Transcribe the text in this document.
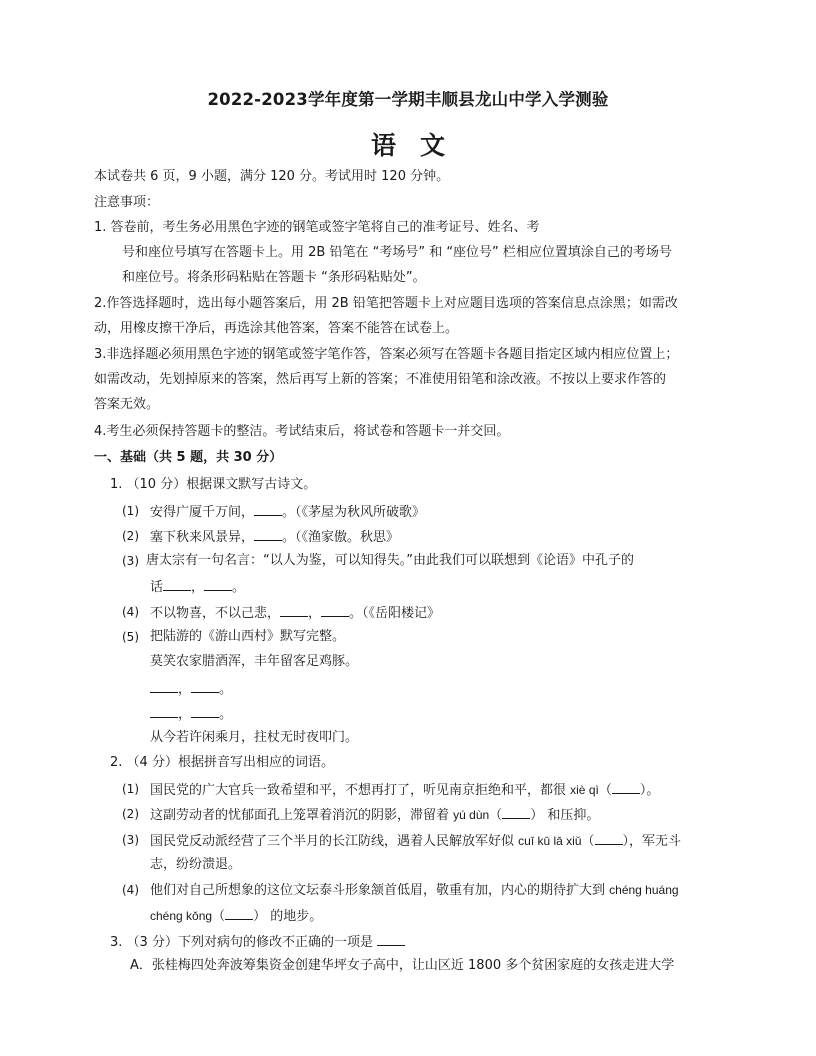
2022-2023学年度第一学期丰顺县龙山中学入学测验
语文
本试卷共 6 页，9 小题，满分 120 分。考试用时 120 分钟。
注意事项：
1. 答卷前，考生务必用黑色字迹的钢笔或签字笔将自己的准考证号、姓名、考
号和座位号填写在答题卡上。用 2B 铅笔在 “考场号” 和 “座位号” 栏相应位置填涂自己的考场号
和座位号。将条形码粘贴在答题卡 “条形码粘贴处”。
2.作答选择题时，选出每小题答案后，用 2B 铅笔把答题卡上对应题目选项的答案信息点涂黑；如需改
动，用橡皮擦干净后，再选涂其他答案，答案不能答在试卷上。
3.非选择题必须用黑色字迹的钢笔或签字笔作答，答案必须写在答题卡各题目指定区域内相应位置上；
如需改动，先划掉原来的答案，然后再写上新的答案；不准使用铅笔和涂改液。不按以上要求作答的
答案无效。
4.考生必须保持答题卡的整洁。考试结束后，将试卷和答题卡一并交回。
一、基础（共 5 题，共 30 分）
1. （10 分）根据课文默写古诗文。
(1) 安得广厦千万间， 。（《茅屋为秋风所破歌》
(2) 塞下秋来风景异， 。（《渔家傲。秋思》
(3) 唐太宗有一句名言：“以人为鉴，可以知得失。”由此我们可以联想到《论语》中孔子的
话 ， 。
(4) 不以物喜，不以己悲， ， 。（《岳阳楼记》
(5) 把陆游的《游山西村》默写完整。
莫笑农家腊酒浑，丰年留客足鸡豚。
， 。
， 。
从今若许闲乘月，拄杖无时夜叩门。
2. （4 分）根据拼音写出相应的词语。
(1) 国民党的广大官兵一致希望和平，不想再打了，听见南京拒绝和平，都很 xiè qì（ ）。
(2) 这副劳动者的忧郁面孔上笼罩着消沉的阴影，滞留着 yú dùn（ ） 和压抑。
(3) 国民党反动派经营了三个半月的长江防线，遇着人民解放军好似 cuī kū lā xiǔ（ ），军无斗
志，纷纷溃退。
(4) 他们对自己所想象的这位文坛泰斗形象颔首低眉，敬重有加，内心的期待扩大到 chéng huáng
chéng kǒng（ ） 的地步。
3. （3 分）下列对病句的修改不正确的一项是
A．张桂梅四处奔波筹集资金创建华坪女子高中，让山区近 1800 多个贫困家庭的女孩走进大学
